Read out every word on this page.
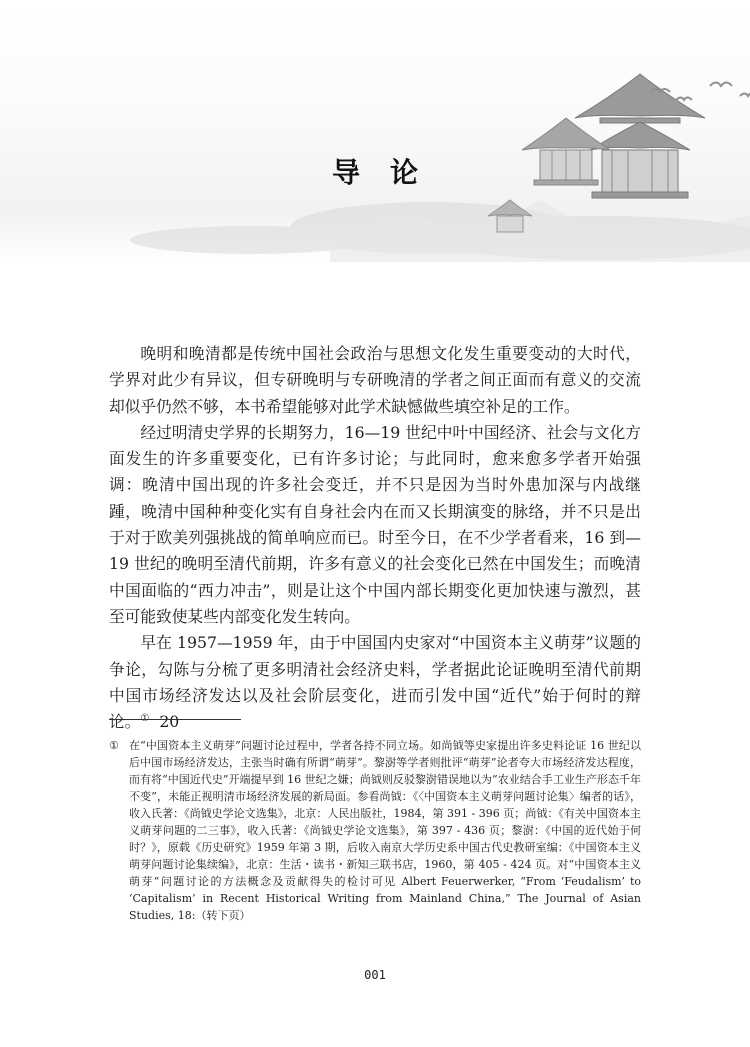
导论

晚明和晚清都是传统中国社会政治与思想文化发生重要变动的大时代，学界对此少有异议，但专研晚明与专研晚清的学者之间正面而有意义的交流却似乎仍然不够，本书希望能够对此学术缺憾做些填空补足的工作。

经过明清史学界的长期努力，16—19 世纪中叶中国经济、社会与文化方面发生的许多重要变化，已有许多讨论；与此同时，愈来愈多学者开始强调：晚清中国出现的许多社会变迁，并不只是因为当时外患加深与内战继踵，晚清中国种种变化实有自身社会内在而又长期演变的脉络，并不只是出于对于欧美列强挑战的简单响应而已。时至今日，在不少学者看来，16 到—19 世纪的晚明至清代前期，许多有意义的社会变化已然在中国发生；而晚清中国面临的“西力冲击”，则是让这个中国内部长期变化更加快速与激烈，甚至可能致使某些内部变化发生转向。

早在 1957—1959 年，由于中国国内史家对“中国资本主义萌芽”议题的争论，勾陈与分梳了更多明清社会经济史料，学者据此论证晚明至清代前期中国市场经济发达以及社会阶层变化，进而引发中国“近代”始于何时的辩论。① 20

① 在“中国资本主义萌芽”问题讨论过程中，学者各持不同立场。如尚钺等史家提出许多史料论证 16 世纪以后中国市场经济发达，主张当时确有所谓“萌芽”。黎澍等学者则批评“萌芽”论者夸大市场经济发达程度，而有将“中国近代史”开端提早到 16 世纪之嫌；尚钺则反驳黎澍错误地以为“农业结合手工业生产形态千年不变”，未能正视明清市场经济发展的新局面。参看尚钺：《〈中国资本主义萌芽问题讨论集〉编者的话》，收入氏著：《尚钺史学论文选集》，北京：人民出版社，1984，第 391 - 396 页；尚钺：《有关中国资本主义萌芽问题的二三事》，收入氏著：《尚钺史学论文选集》，第 397 - 436 页；黎澍：《中国的近代始于何时？》，原载《历史研究》1959 年第 3 期，后收入南京大学历史系中国古代史教研室编：《中国资本主义萌芽问题讨论集续编》，北京：生活・读书・新知三联书店，1960，第 405 - 424 页。对“中国资本主义萌芽”问题讨论的方法概念及贡献得失的检讨可见 Albert Feuerwerker, “From ‘Feudalism’ to ‘Capitalism’ in Recent Historical Writing from Mainland China,” The Journal of Asian Studies, 18:（转下页）
001
